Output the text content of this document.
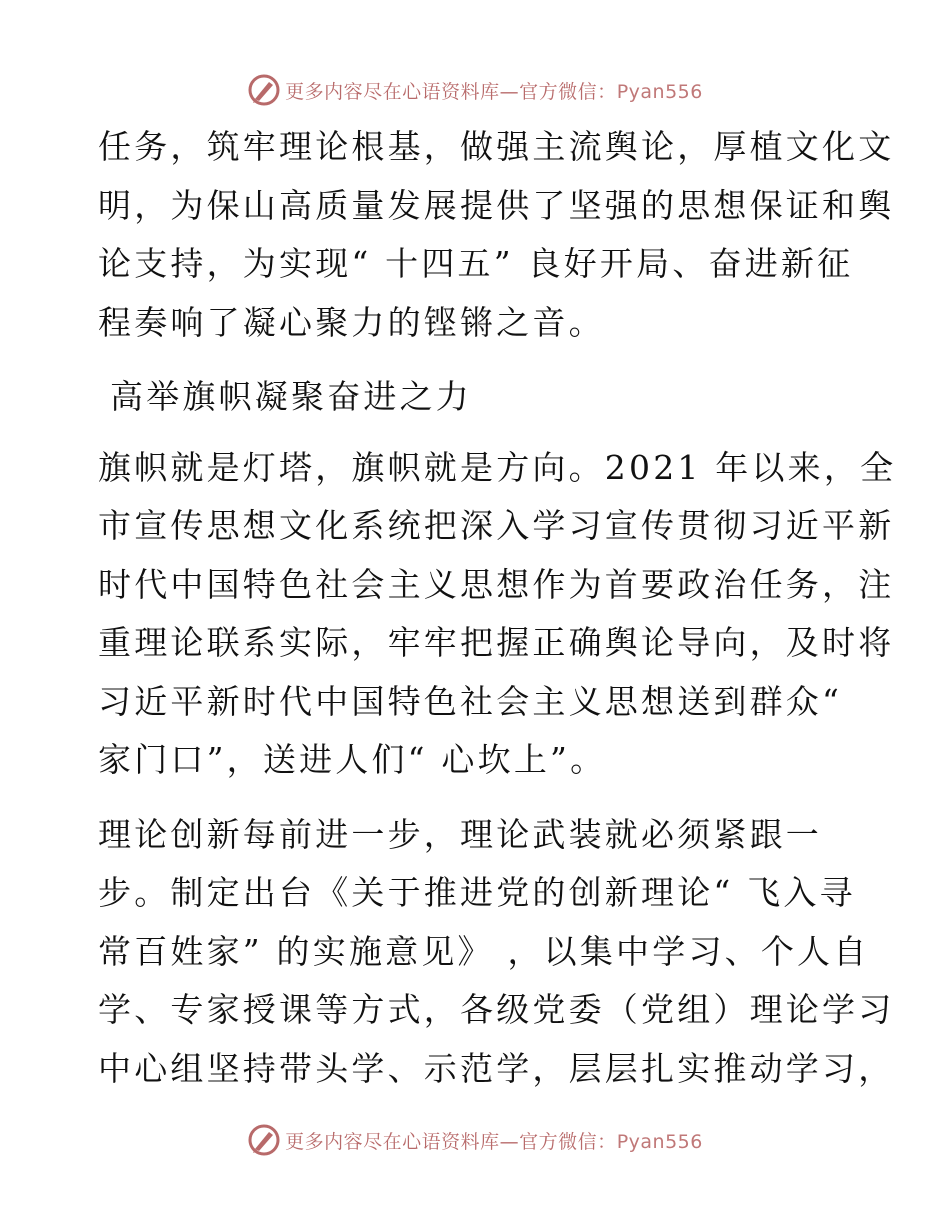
更多内容尽在心语资料库—官方微信：Pyan556
任务，筑牢理论根基，做强主流舆论，厚植文化文
明，为保山高质量发展提供了坚强的思想保证和舆
论支持，为实现“ 十四五” 良好开局、奋进新征
程奏响了凝心聚力的铿锵之音。
高举旗帜凝聚奋进之力
旗帜就是灯塔，旗帜就是方向。2021 年以来，全
市宣传思想文化系统把深入学习宣传贯彻习近平新
时代中国特色社会主义思想作为首要政治任务，注
重理论联系实际，牢牢把握正确舆论导向，及时将
习近平新时代中国特色社会主义思想送到群众“
家门口”，送进人们“ 心坎上”。
理论创新每前进一步，理论武装就必须紧跟一
步。制定出台《关于推进党的创新理论“ 飞入寻
常百姓家” 的实施意见》 ，以集中学习、个人自
学、专家授课等方式，各级党委（党组）理论学习
中心组坚持带头学、示范学，层层扎实推动学习，
更多内容尽在心语资料库—官方微信：Pyan556
